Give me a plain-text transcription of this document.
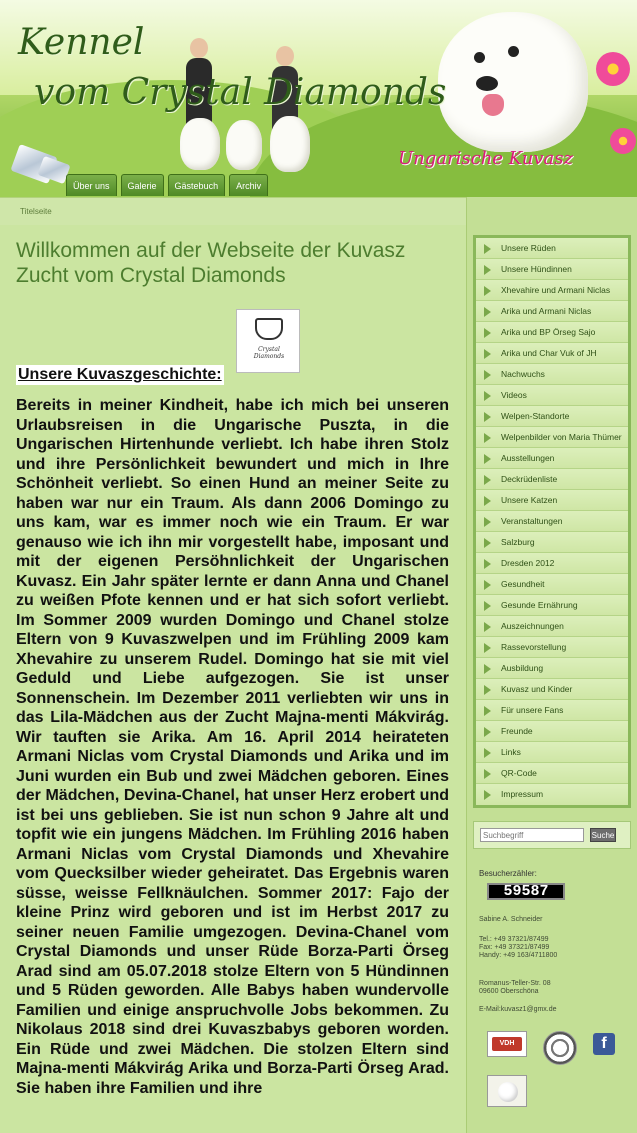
Kennel
vom Crystal Diamonds
Ungarische Kuvasz
Über uns	Galerie	Gästebuch	Archiv
Titelseite
Willkommen auf der Webseite der Kuvasz Zucht vom Crystal Diamonds
Crystal Diamonds
Unsere Kuvaszgeschichte:

Bereits in meiner Kindheit, habe ich mich bei unseren Urlaubsreisen in die Ungarische Puszta, in die Ungarischen Hirtenhunde verliebt. Ich habe ihren Stolz und ihre Persönlichkeit bewundert und mich in Ihre Schönheit verliebt. So einen Hund an meiner Seite zu haben war nur ein Traum. Als dann 2006 Domingo zu uns kam, war es immer noch wie ein Traum. Er war genauso wie ich ihn mir vorgestellt habe, imposant und mit der eigenen Persöhnlichkeit der Ungarischen Kuvasz. Ein Jahr später lernte er dann Anna und Chanel zu weißen Pfote kennen und er hat sich sofort verliebt. Im Sommer 2009 wurden Domingo und Chanel stolze Eltern von 9 Kuvaszwelpen und im Frühling 2009 kam Xhevahire zu unserem Rudel. Domingo hat sie mit viel Geduld und Liebe aufgezogen. Sie ist unser Sonnenschein. Im Dezember 2011 verliebten wir uns in das Lila-Mädchen aus der Zucht Majna-menti Mákvirág. Wir tauften sie Arika. Am 16. April 2014 heirateten Armani Niclas vom Crystal Diamonds und Arika und im Juni wurden ein Bub und zwei Mädchen geboren. Eines der Mädchen, Devina-Chanel, hat unser Herz erobert und ist bei uns geblieben. Sie ist nun schon 9 Jahre alt und topfit wie ein jungens Mädchen. Im Frühling 2016 haben Armani Niclas vom Crystal Diamonds und Xhevahire vom Quecksilber wieder geheiratet. Das Ergebnis waren süsse, weisse Fellknäulchen. Sommer 2017: Fajo der kleine Prinz wird geboren und ist im Herbst 2017 zu seiner neuen Familie umgezogen. Devina-Chanel vom Crystal Diamonds und unser Rüde Borza-Parti Örseg Arad sind am 05.07.2018 stolze Eltern von 5 Hündinnen und 5 Rüden geworden. Alle Babys haben wundervolle Familien und einige anspruchvolle Jobs bekommen. Zu Nikolaus 2018 sind drei Kuvaszbabys geboren worden. Ein Rüde und zwei Mädchen. Die stolzen Eltern sind Majna-menti Mákvirág Arika und Borza-Parti Örseg Arad. Sie haben ihre Familien und ihre

Unsere Rüden
Unsere Hündinnen
Xhevahire und Armani Niclas
Arika und Armani Niclas
Arika und BP Örseg Sajo
Arika und Char Vuk of JH
Nachwuchs
Videos
Welpen-Standorte
Welpenbilder von Maria Thümer
Ausstellungen
Deckrüdenliste
Unsere Katzen
Veranstaltungen
Salzburg
Dresden 2012
Gesundheit
Gesunde Ernährung
Auszeichnungen
Rassevorstellung
Ausbildung
Kuvasz und Kinder
Für unsere Fans
Freunde
Links
QR-Code
Impressum
Suchbegriff
Suche
Besucherzähler:
59587
Sabine A. Schneider
Tel.: +49 37321/87499
Fax: +49 37321/87499
Handy: +49 163/4711800
Romanus-Teller-Str. 08
09600 Oberschöna
E-Mail:kuvasz1@gmx.de
VDH	f
